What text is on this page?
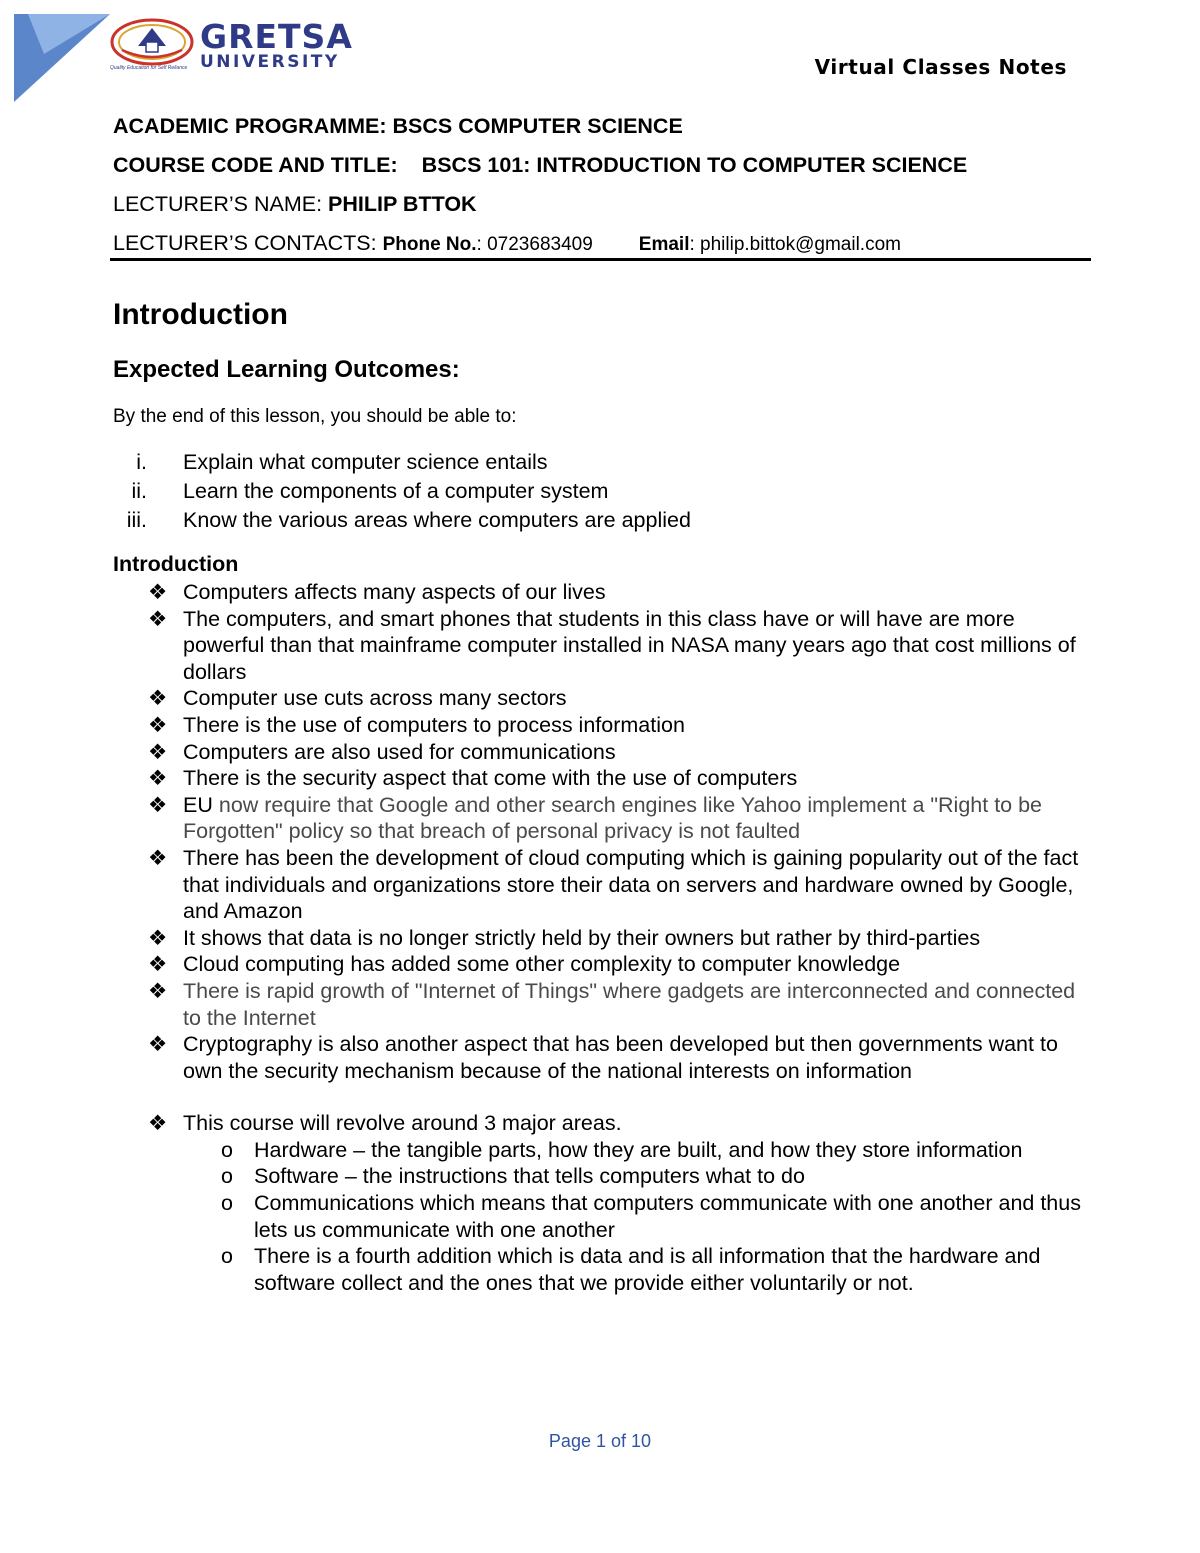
GRETSA
UNIVERSITY
Quality Education for Self Reliance	Virtual Classes Notes
ACADEMIC PROGRAMME: BSCS COMPUTER SCIENCE
COURSE CODE AND TITLE: BSCS 101: INTRODUCTION TO COMPUTER SCIENCE
LECTURER’S NAME: PHILIP BTTOK
LECTURER’S CONTACTS: Phone No.: 0723683409 Email: philip.bittok@gmail.com
Introduction
Expected Learning Outcomes:
By the end of this lesson, you should be able to:
i. Explain what computer science entails
ii. Learn the components of a computer system
iii. Know the various areas where computers are applied
Introduction
❖ Computers affects many aspects of our lives
❖ The computers, and smart phones that students in this class have or will have are more powerful than that mainframe computer installed in NASA many years ago that cost millions of dollars
❖ Computer use cuts across many sectors
❖ There is the use of computers to process information
❖ Computers are also used for communications
❖ There is the security aspect that come with the use of computers
❖ EU now require that Google and other search engines like Yahoo implement a "Right to be Forgotten" policy so that breach of personal privacy is not faulted
❖ There has been the development of cloud computing which is gaining popularity out of the fact that individuals and organizations store their data on servers and hardware owned by Google, and Amazon
❖ It shows that data is no longer strictly held by their owners but rather by third-parties
❖ Cloud computing has added some other complexity to computer knowledge
❖ There is rapid growth of "Internet of Things" where gadgets are interconnected and connected to the Internet
❖ Cryptography is also another aspect that has been developed but then governments want to own the security mechanism because of the national interests on information
❖ This course will revolve around 3 major areas.
o Hardware – the tangible parts, how they are built, and how they store information
o Software – the instructions that tells computers what to do
o Communications which means that computers communicate with one another and thus lets us communicate with one another
o There is a fourth addition which is data and is all information that the hardware and software collect and the ones that we provide either voluntarily or not.
Page 1 of 10
